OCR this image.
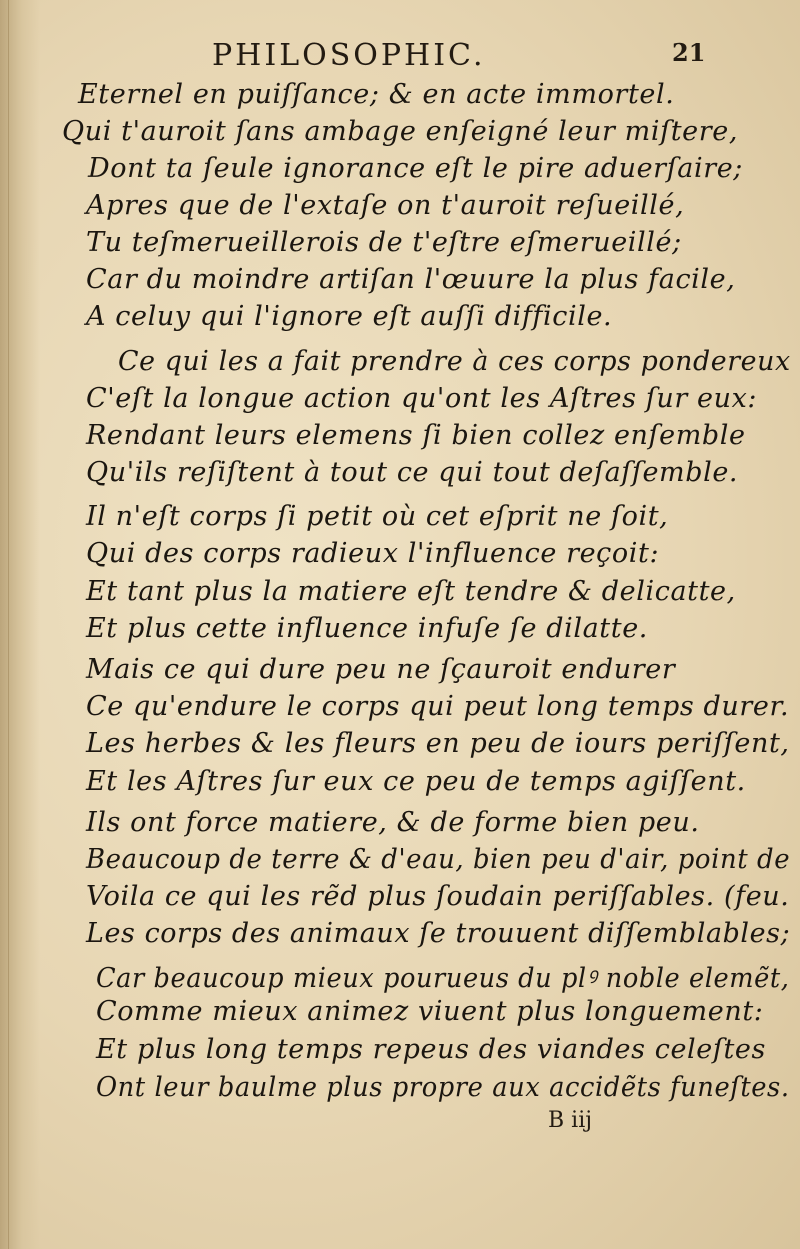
PHILOSOPHIC.	21
Eternel en puiſſance; & en acte immortel.
Qui t'auroit ſans ambage enſeigné leur miſtere,
Dont ta ſeule ignorance eſt le pire aduerſaire;
Apres que de l'extaſe on t'auroit reſueillé,
Tu teſmerueillerois de t'eſtre eſmerueillé;
Car du moindre artiſan l'œuure la plus facile,
A celuy qui l'ignore eſt auſſi difficile.
Ce qui les a fait prendre à ces corps pondereux
C'eſt la longue action qu'ont les Aſtres ſur eux:
Rendant leurs elemens ſi bien collez enſemble
Qu'ils reſiſtent à tout ce qui tout deſaſſemble.
Il n'eſt corps ſi petit où cet eſprit ne ſoit,
Qui des corps radieux l'influence reçoit:
Et tant plus la matiere eſt tendre & delicatte,
Et plus cette influence infuſe ſe dilatte.
Mais ce qui dure peu ne ſçauroit endurer
Ce qu'endure le corps qui peut long temps durer.
Les herbes & les fleurs en peu de iours periſſent,
Et les Aſtres ſur eux ce peu de temps agiſſent.
Ils ont force matiere, & de forme bien peu.
Beaucoup de terre & d'eau, bien peu d'air, point de
Voila ce qui les rẽd plus ſoudain periſſables. (feu.
Les corps des animaux ſe trouuent diſſemblables;
Car beaucoup mieux pourueus du plꝰ noble elemẽt,
Comme mieux animez viuent plus longuement:
Et plus long temps repeus des viandes celeſtes
Ont leur baulme plus propre aux accidẽts funeſtes.
B iij
